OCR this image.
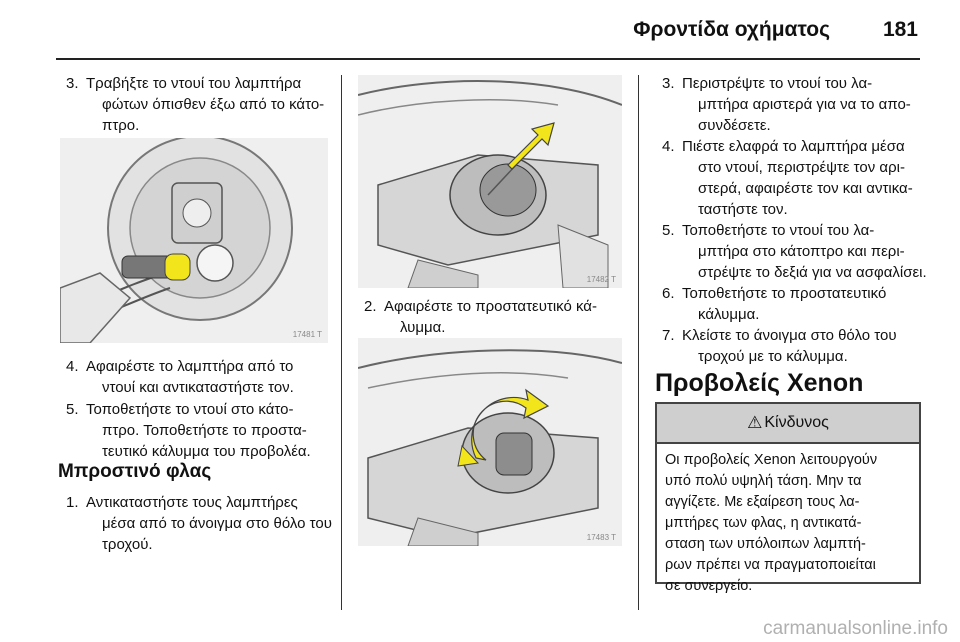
Φροντίδα οχήματος	181
3. Τραβήξτε το ντουί του λαμπτήρα
φώτων όπισθεν έξω από το κάτο-
πτρο.
17481 T
4. Αφαιρέστε το λαμπτήρα από το
ντουί και αντικαταστήστε τον.
5. Τοποθετήστε το ντουί στο κάτο-
πτρο. Τοποθετήστε το προστα-
τευτικό κάλυμμα του προβολέα.
Μπροστινό φλας
1. Αντικαταστήστε τους λαμπτήρες
μέσα από το άνοιγμα στο θόλο του
τροχού.
17482 T
2. Αφαιρέστε το προστατευτικό κά-
λυμμα.
17483 T
3. Περιστρέψτε το ντουί του λα-
μπτήρα αριστερά για να το απο-
συνδέσετε.
4. Πιέστε ελαφρά το λαμπτήρα μέσα
στο ντουί, περιστρέψτε τον αρι-
στερά, αφαιρέστε τον και αντικα-
ταστήστε τον.
5. Τοποθετήστε το ντουί του λα-
μπτήρα στο κάτοπτρο και περι-
στρέψτε το δεξιά για να ασφαλίσει.
6. Τοποθετήστε το προστατευτικό
κάλυμμα.
7. Κλείστε το άνοιγμα στο θόλο του
τροχού με το κάλυμμα.
Προβολείς Xenon
⚠ Κίνδυνος
Οι προβολείς Xenon λειτουργούν
υπό πολύ υψηλή τάση. Μην τα
αγγίζετε. Με εξαίρεση τους λα-
μπτήρες των φλας, η αντικατά-
σταση των υπόλοιπων λαμπτή-
ρων πρέπει να πραγματοποιείται
σε συνεργείο.
carmanualsonline.info
